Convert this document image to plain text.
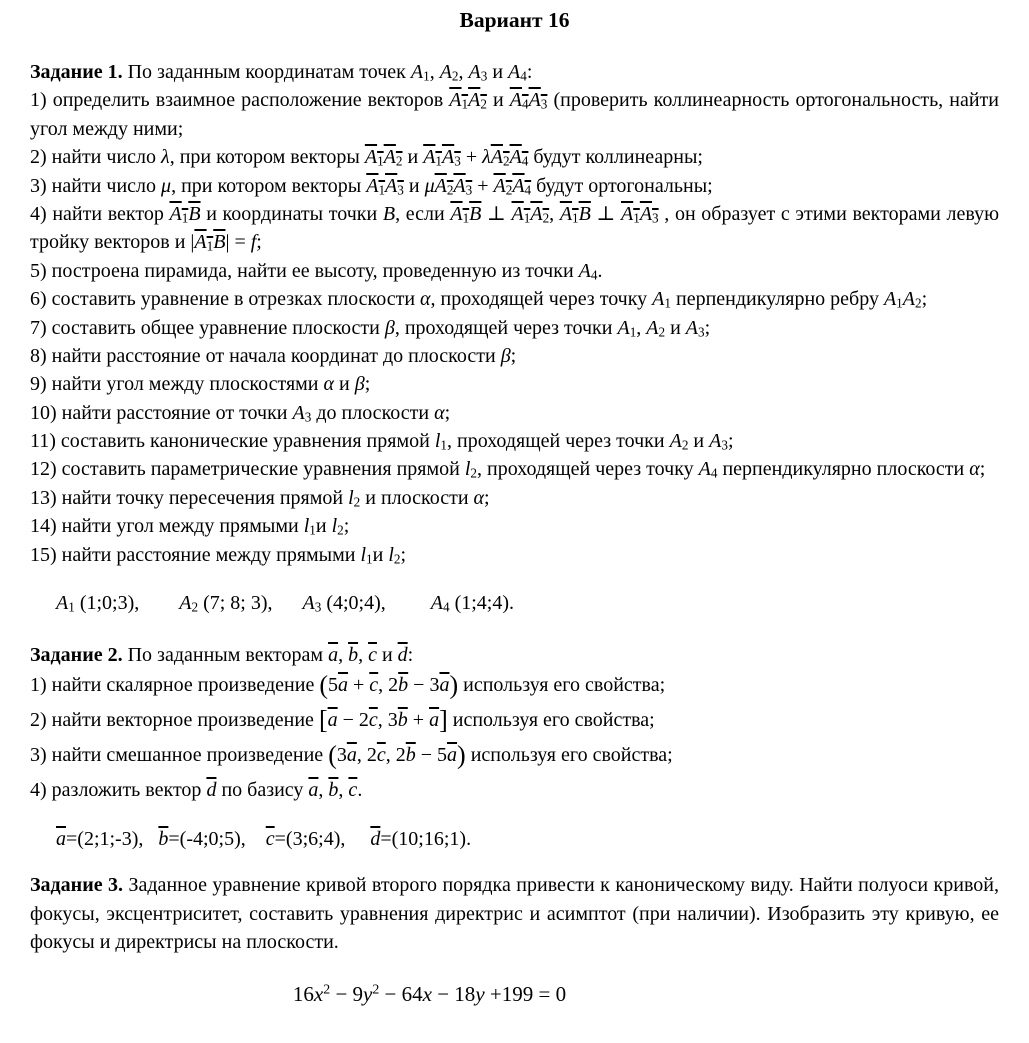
Вариант 16

Задание 1. По заданным координатам точек A1, A2, A3 и A4:

1) определить взаимное расположение векторов A1A2 и A4A3 (проверить коллинеарность ортогональность, найти угол между ними;

2) найти число λ, при котором векторы A1A2 и A1A3 + λA2A4 будут коллинеарны;

3) найти число μ, при котором векторы A1A3 и μA2A3 + A2A4 будут ортогональны;

4) найти вектор A1B и координаты точки B, если A1B ⊥ A1A2, A1B ⊥ A1A3 , он образует с этими векторами левую тройку векторов и |A1B| = f;

5) построена пирамида, найти ее высоту, проведенную из точки A4.

6) составить уравнение в отрезках плоскости α, проходящей через точку A1 перпендикулярно ребру A1A2;

7) составить общее уравнение плоскости β, проходящей через точки A1, A2 и A3;

8) найти расстояние от начала координат до плоскости β;

9) найти угол между плоскостями α и β;

10) найти расстояние от точки A3 до плоскости α;

11) составить канонические уравнения прямой l1, проходящей через точки A2 и A3;

12) составить параметрические уравнения прямой l2, проходящей через точку A4 перпендикулярно плоскости α;

13) найти точку пересечения прямой l2 и плоскости α;

14) найти угол между прямыми l1и l2;

15) найти расстояние между прямыми l1и l2;

A1 (1;0;3),        A2 (7; 8; 3),      A3 (4;0;4),         A4 (1;4;4).

Задание 2. По заданным векторам $\overline{a}$, $\overline{b}$, $\overline{c}$ и $\overline{d}$:

1) найти скалярное произведение ($5\overline{a} + \overline{c}$, $2\overline{b} - 3\overline{a}$) используя его свойства;

2) найти векторное произведение [$\overline{a} - 2\overline{c}$, $3\overline{b} + \overline{a}$] используя его свойства;

3) найти смешанное произведение ($3\overline{a}$, $2\overline{c}$, $2\overline{b} - 5\overline{a}$) используя его свойства;

4) разложить вектор $\overline{d}$ по базису $\overline{a}$, $\overline{b}$, $\overline{c}$.

$\overline{a}=(2;1;-3)$,   $\overline{b}=(-4;0;5)$,    $\overline{c}=(3;6;4)$,     $\overline{d}=(10;16;1)$.

Задание 3. Заданное уравнение кривой второго порядка привести к каноническому виду. Найти полуоси кривой, фокусы, эксцентриситет, составить уравнения директрис и асимптот (при наличии). Изобразить эту кривую, ее фокусы и директрисы на плоскости.

$16x^2 - 9y^2 - 64x - 18y +199 = 0$
